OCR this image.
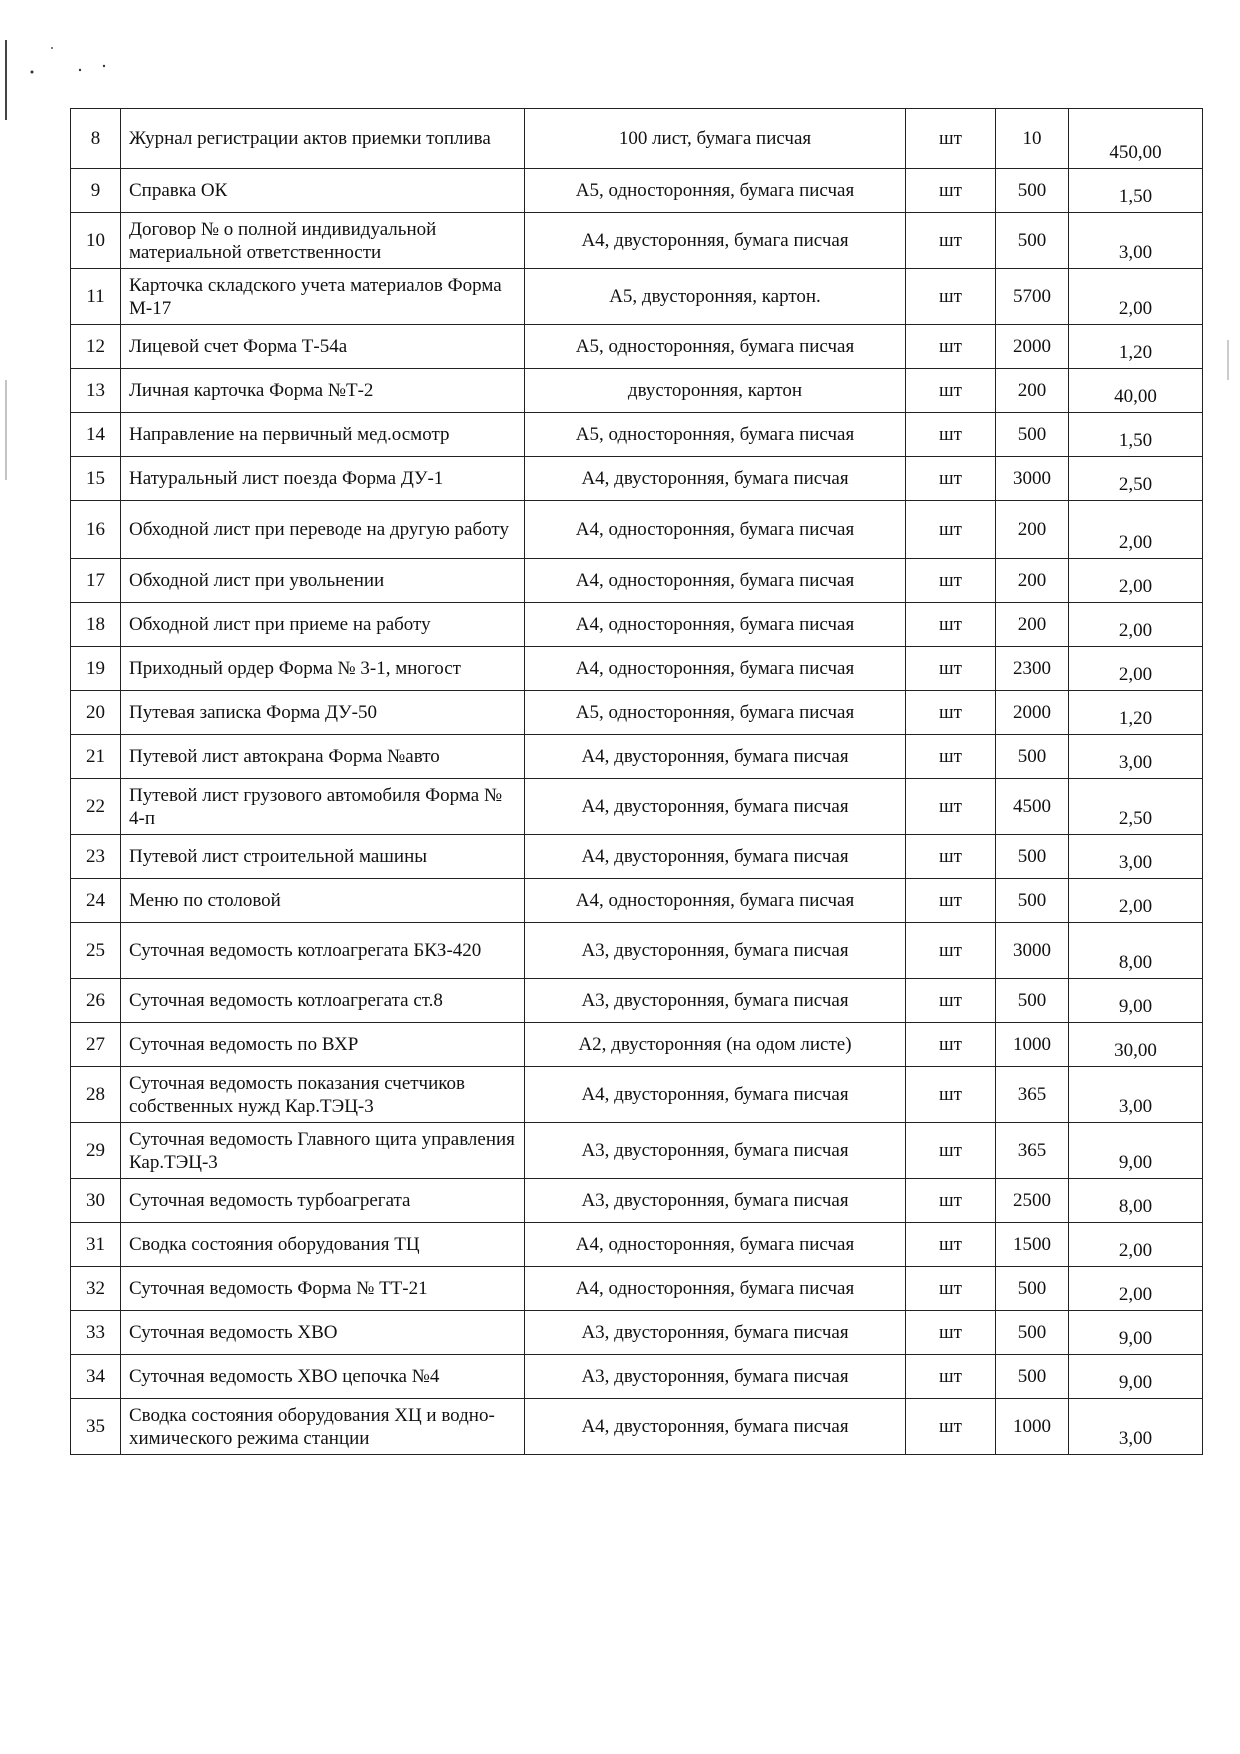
8	Журнал регистрации актов приемки топлива	100 лист, бумага писчая	шт	10	450,00
9	Справка ОК	А5, односторонняя, бумага писчая	шт	500	1,50
10	Договор № о полной индивидуальной материальной ответственности	А4, двусторонняя, бумага писчая	шт	500	3,00
11	Карточка складского учета материалов Форма М-17	А5, двусторонняя, картон.	шт	5700	2,00
12	Лицевой счет Форма Т-54а	А5, односторонняя, бумага писчая	шт	2000	1,20
13	Личная карточка Форма №Т-2	двусторонняя, картон	шт	200	40,00
14	Направление на первичный мед.осмотр	А5, односторонняя, бумага писчая	шт	500	1,50
15	Натуральный лист поезда Форма ДУ-1	А4, двусторонняя, бумага писчая	шт	3000	2,50
16	Обходной лист при переводе на другую работу	А4, односторонняя, бумага писчая	шт	200	2,00
17	Обходной лист при увольнении	А4, односторонняя, бумага писчая	шт	200	2,00
18	Обходной лист при приеме на работу	А4, односторонняя, бумага писчая	шт	200	2,00
19	Приходный ордер Форма № 3-1, многост	А4, односторонняя, бумага писчая	шт	2300	2,00
20	Путевая записка Форма ДУ-50	А5, односторонняя, бумага писчая	шт	2000	1,20
21	Путевой лист автокрана Форма №авто	А4, двусторонняя, бумага писчая	шт	500	3,00
22	Путевой лист грузового автомобиля Форма № 4-п	А4, двусторонняя, бумага писчая	шт	4500	2,50
23	Путевой лист строительной машины	А4, двусторонняя, бумага писчая	шт	500	3,00
24	Меню по столовой	А4, односторонняя, бумага писчая	шт	500	2,00
25	Суточная ведомость котлоагрегата БКЗ-420	А3, двусторонняя, бумага писчая	шт	3000	8,00
26	Суточная ведомость котлоагрегата ст.8	А3, двусторонняя, бумага писчая	шт	500	9,00
27	Суточная ведомость по ВХР	А2, двусторонняя (на одом листе)	шт	1000	30,00
28	Суточная ведомость показания счетчиков собственных нужд Кар.ТЭЦ-3	А4, двусторонняя, бумага писчая	шт	365	3,00
29	Суточная ведомость Главного щита управления Кар.ТЭЦ-3	А3, двусторонняя, бумага писчая	шт	365	9,00
30	Суточная ведомость турбоагрегата	А3, двусторонняя, бумага писчая	шт	2500	8,00
31	Сводка состояния оборудования ТЦ	А4, односторонняя, бумага писчая	шт	1500	2,00
32	Суточная ведомость Форма № ТТ-21	А4, односторонняя, бумага писчая	шт	500	2,00
33	Суточная ведомость ХВО	А3, двусторонняя, бумага писчая	шт	500	9,00
34	Суточная ведомость ХВО цепочка №4	А3, двусторонняя, бумага писчая	шт	500	9,00
35	Сводка состояния оборудования ХЦ и водно-химического режима станции	А4, двусторонняя, бумага писчая	шт	1000	3,00
